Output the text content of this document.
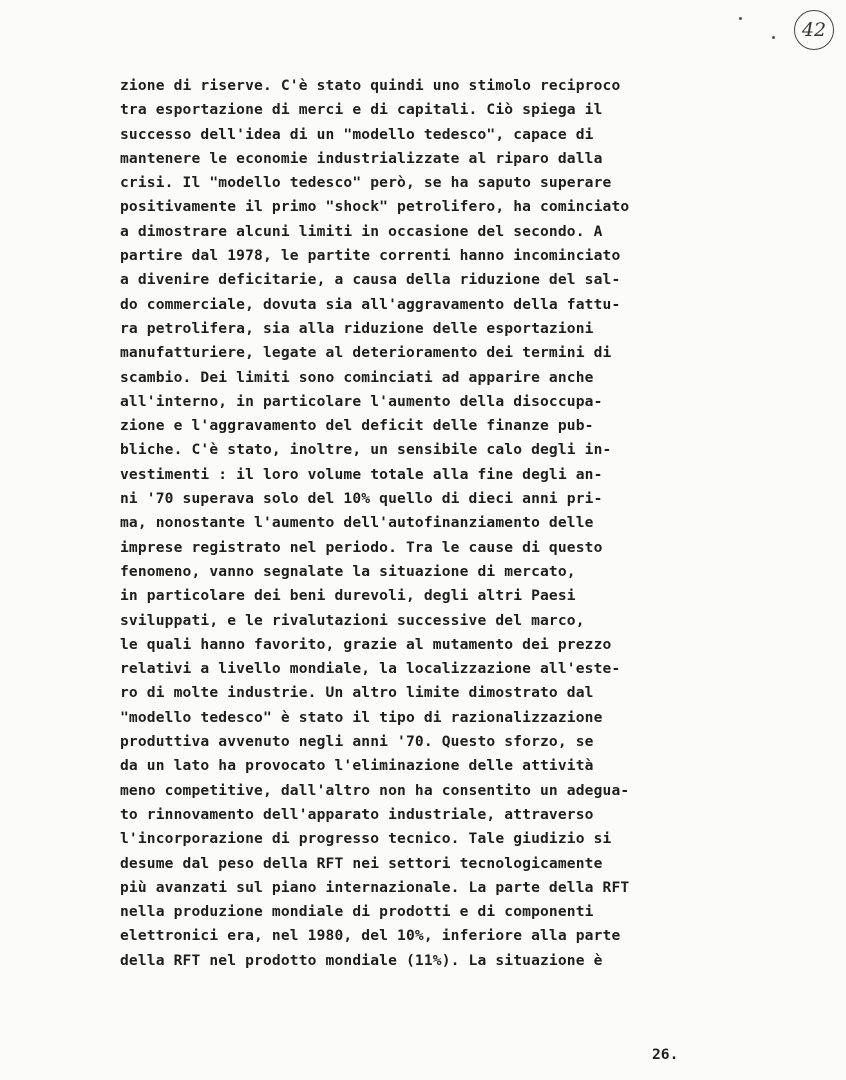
42
zione di riserve. C'è stato quindi uno stimolo reciproco
tra esportazione di merci e di capitali. Ciò spiega il
successo dell'idea di un "modello tedesco", capace di
mantenere le economie industrializzate al riparo dalla
crisi. Il "modello tedesco" però, se ha saputo superare
positivamente il primo "shock" petrolifero, ha cominciato
a dimostrare alcuni limiti in occasione del secondo. A
partire dal 1978, le partite correnti hanno incominciato
a divenire deficitarie, a causa della riduzione del sal-
do commerciale, dovuta sia all'aggravamento della fattu-
ra petrolifera, sia alla riduzione delle esportazioni
manufatturiere, legate al deterioramento dei termini di
scambio. Dei limiti sono cominciati ad apparire anche
all'interno, in particolare l'aumento della disoccupa-
zione e l'aggravamento del deficit delle finanze pub-
bliche. C'è stato, inoltre, un sensibile calo degli in-
vestimenti : il loro volume totale alla fine degli an-
ni '70 superava solo del 10% quello di dieci anni pri-
ma, nonostante l'aumento dell'autofinanziamento delle
imprese registrato nel periodo. Tra le cause di questo
fenomeno, vanno segnalate la situazione di mercato,
in particolare dei beni durevoli, degli altri Paesi
sviluppati, e le rivalutazioni successive del marco,
le quali hanno favorito, grazie al mutamento dei prezzo
relativi a livello mondiale, la localizzazione all'este-
ro di molte industrie. Un altro limite dimostrato dal
"modello tedesco" è stato il tipo di razionalizzazione
produttiva avvenuto negli anni '70. Questo sforzo, se
da un lato ha provocato l'eliminazione delle attività
meno competitive, dall'altro non ha consentito un adegua-
to rinnovamento dell'apparato industriale, attraverso
l'incorporazione di progresso tecnico. Tale giudizio si
desume dal peso della RFT nei settori tecnologicamente
più avanzati sul piano internazionale. La parte della RFT
nella produzione mondiale di prodotti e di componenti
elettronici era, nel 1980, del 10%, inferiore alla parte
della RFT nel prodotto mondiale (11%). La situazione è
26.
